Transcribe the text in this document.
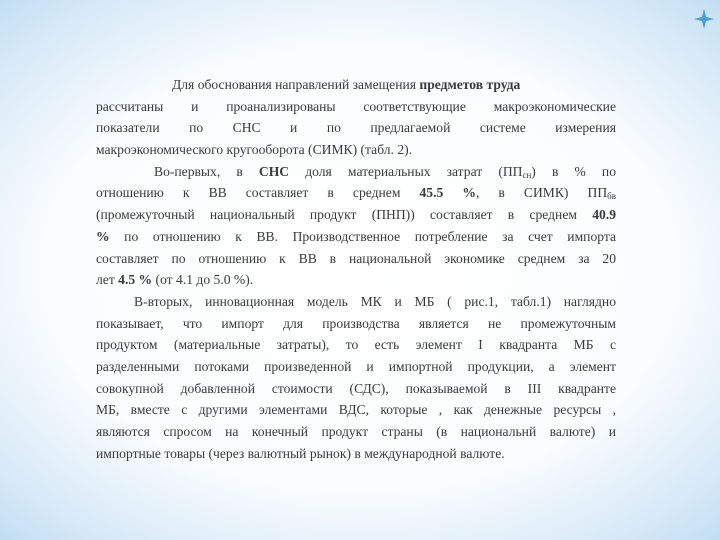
Для обоснования направлений замещения предметов труда
рассчитаны и проанализированы соответствующие макроэкономические
показатели по СНС и по предлагаемой системе измерения
макроэкономического кругооборота (СИМК) (табл. 2).
Во-первых, в СНС доля материальных затрат $(ПП_{сн})$ в % по
отношению к ВВ составляет в среднем 45.5 %, в СИМК) $ПП_{бв}$
(промежуточный национальный продукт (ПНП)) составляет в среднем 40.9
% по отношению к ВВ. Производственное потребление за счет импорта
составляет по отношению к ВВ в национальной экономике среднем за 20
лет 4.5 % (от 4.1 до 5.0 %).
В-вторых, инновационная модель МК и МБ ( рис.1, табл.1) наглядно
показывает, что импорт для производства является не промежуточным
продуктом (материальные затраты), то есть элемент I квадранта МБ с
разделенными потоками произведенной и импортной продукции, а элемент
совокупной добавленной стоимости (СДС), показываемой в III квадранте
МБ, вместе с другими элементами ВДС, которые , как денежные ресурсы ,
являются спросом на конечный продукт страны (в национальнй валюте) и
импортные товары (через валютный рынок) в международной валюте.
